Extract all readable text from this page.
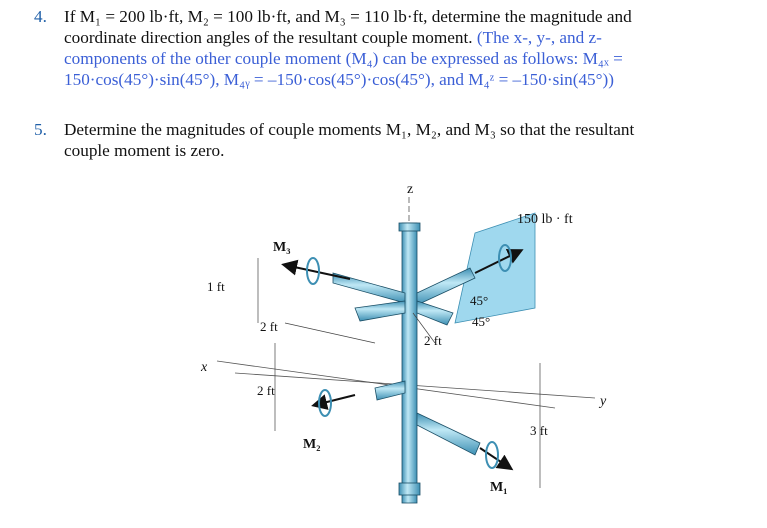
4. If M₁ = 200 lb·ft, M₂ = 100 lb·ft, and M₃ = 110 lb·ft, determine the magnitude and
coordinate direction angles of the resultant couple moment. (The x-, y-, and z-
components of the other couple moment (M₄) can be expressed as follows: M₄ₓ =
150·cos(45°)·sin(45°), M₄ᵧ = –150·cos(45°)·cos(45°), and M₄ᶻ = –150·sin(45°))
5. Determine the magnitudes of couple moments M₁, M₂, and M₃ so that the resultant
couple moment is zero.
z
x
y
150 lb · ft
M₃
M₂
M₁
1 ft
2 ft
2 ft
2 ft
3 ft
45°
45°
